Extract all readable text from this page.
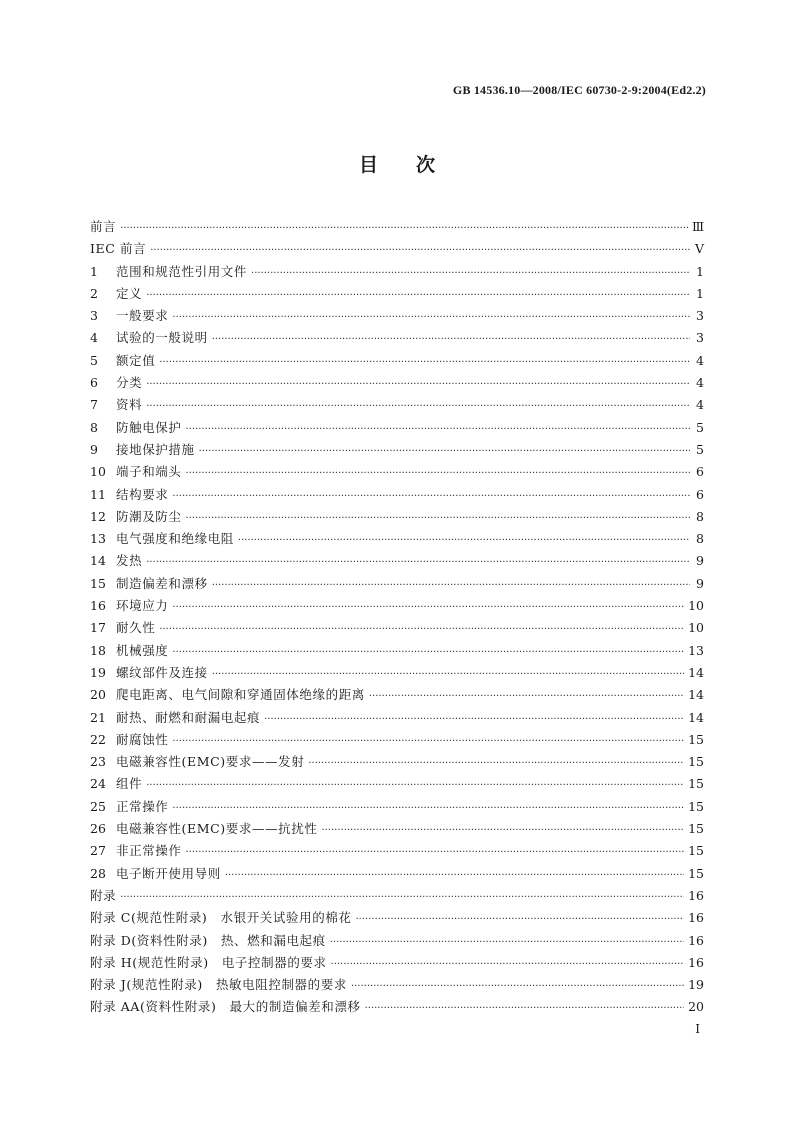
GB 14536.10—2008/IEC 60730-2-9:2004(Ed2.2)
目　　次
前言 ·····	Ⅲ
IEC 前言 ·····	Ⅴ
1	范围和规范性引用文件 ·····	1
2	定义 ·····	1
3	一般要求 ·····	3
4	试验的一般说明 ·····	3
5	额定值 ·····	4
6	分类 ·····	4
7	资料 ·····	4
8	防触电保护 ·····	5
9	接地保护措施 ·····	5
10 端子和端头 ·····	6
11 结构要求 ·····	6
12 防潮及防尘 ·····	8
13 电气强度和绝缘电阻 ·····	8
14 发热 ·····	9
15 制造偏差和漂移 ·····	9
16 环境应力 ·····	10
17 耐久性 ·····	10
18 机械强度 ·····	13
19 螺纹部件及连接 ·····	14
20 爬电距离、电气间隙和穿通固体绝缘的距离 ·····	14
21 耐热、耐燃和耐漏电起痕 ·····	14
22 耐腐蚀性 ·····	15
23 电磁兼容性(EMC)要求——发射 ·····	15
24 组件 ·····	15
25 正常操作 ·····	15
26 电磁兼容性(EMC)要求——抗扰性 ·····	15
27 非正常操作 ·····	15
28 电子断开使用导则 ·····	15
附录 ·····	16
附录 C(规范性附录)　水银开关试验用的棉花 ·····	16
附录 D(资料性附录)　热、燃和漏电起痕 ·····	16
附录 H(规范性附录)　电子控制器的要求 ·····	16
附录 J(规范性附录)　热敏电阻控制器的要求 ·····	19
附录 AA(资料性附录)　最大的制造偏差和漂移 ·····	20
Ⅰ
